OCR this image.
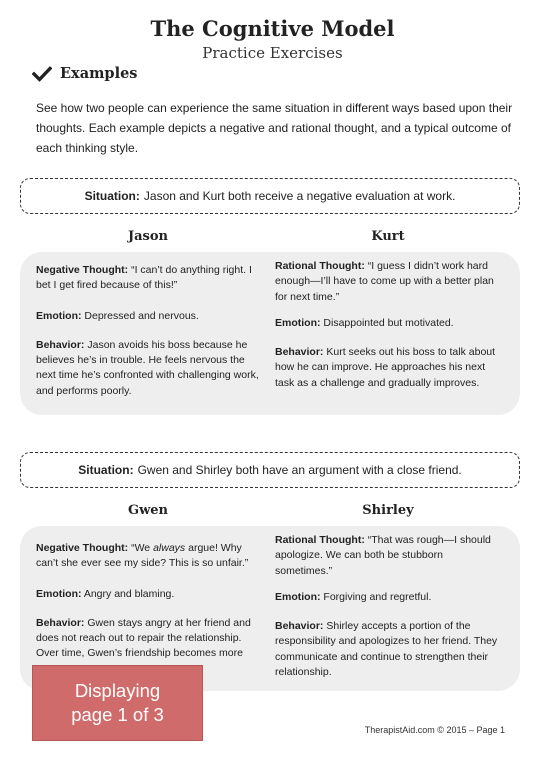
The Cognitive Model
Practice Exercises
Examples
See how two people can experience the same situation in different ways based upon their thoughts. Each example depicts a negative and rational thought, and a typical outcome of each thinking style.
Situation: Jason and Kurt both receive a negative evaluation at work.
Jason	Kurt

Negative Thought: “I can’t do anything right. I bet I get fired because of this!”

Emotion: Depressed and nervous.

Behavior: Jason avoids his boss because he believes he’s in trouble. He feels nervous the next time he’s confronted with challenging work, and performs poorly.

Rational Thought: “I guess I didn’t work hard enough—I’ll have to come up with a better plan for next time.”

Emotion: Disappointed but motivated.

Behavior: Kurt seeks out his boss to talk about how he can improve. He approaches his next task as a challenge and gradually improves.

Situation: Gwen and Shirley both have an argument with a close friend.
Gwen	Shirley

Negative Thought: “We always argue! Why can’t she ever see my side? This is so unfair.”

Emotion: Angry and blaming.

Behavior: Gwen stays angry at her friend and does not reach out to repair the relationship. Over time, Gwen’s friendship becomes more

Rational Thought: “That was rough—I should apologize. We can both be stubborn sometimes.”

Emotion: Forgiving and regretful.

Behavior: Shirley accepts a portion of the responsibility and apologizes to her friend. They communicate and continue to strengthen their relationship.

Displaying
page 1 of 3
TherapistAid.com © 2015 – Page 1
